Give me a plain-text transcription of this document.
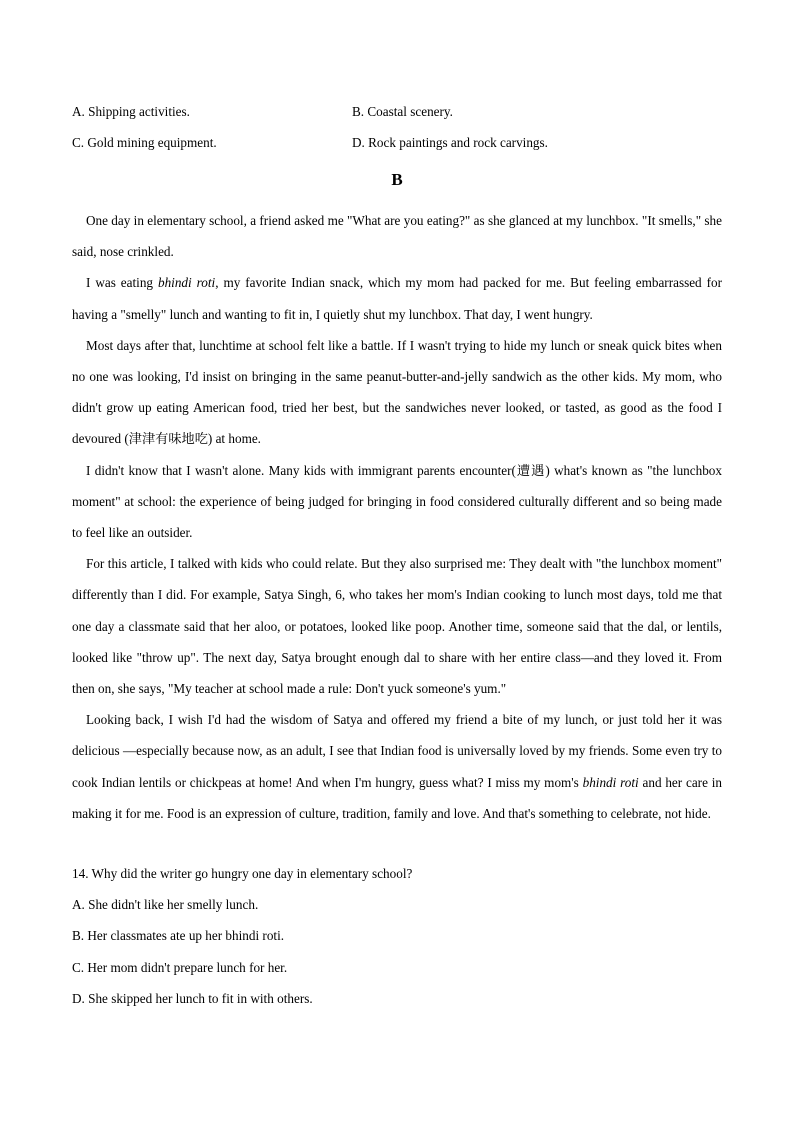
A. Shipping activities.	B. Coastal scenery.
C. Gold mining equipment.	D. Rock paintings and rock carvings.
B

One day in elementary school, a friend asked me "What are you eating?" as she glanced at my lunchbox. "It smells," she said, nose crinkled.

I was eating bhindi roti, my favorite Indian snack, which my mom had packed for me. But feeling embarrassed for having a "smelly" lunch and wanting to fit in, I quietly shut my lunchbox. That day, I went hungry.

Most days after that, lunchtime at school felt like a battle. If I wasn't trying to hide my lunch or sneak quick bites when no one was looking, I'd insist on bringing in the same peanut-butter-and-jelly sandwich as the other kids. My mom, who didn't grow up eating American food, tried her best, but the sandwiches never looked, or tasted, as good as the food I devoured (津津有味地吃) at home.

I didn't know that I wasn't alone. Many kids with immigrant parents encounter(遭遇) what's known as "the lunchbox moment" at school: the experience of being judged for bringing in food considered culturally different and so being made to feel like an outsider.

For this article, I talked with kids who could relate. But they also surprised me: They dealt with "the lunchbox moment" differently than I did. For example, Satya Singh, 6, who takes her mom's Indian cooking to lunch most days, told me that one day a classmate said that her aloo, or potatoes, looked like poop. Another time, someone said that the dal, or lentils, looked like "throw up". The next day, Satya brought enough dal to share with her entire class—and they loved it. From then on, she says, "My teacher at school made a rule: Don't yuck someone's yum."

Looking back, I wish I'd had the wisdom of Satya and offered my friend a bite of my lunch, or just told her it was delicious —especially because now, as an adult, I see that Indian food is universally loved by my friends. Some even try to cook Indian lentils or chickpeas at home! And when I'm hungry, guess what? I miss my mom's bhindi roti and her care in making it for me. Food is an expression of culture, tradition, family and love. And that's something to celebrate, not hide.

14. Why did the writer go hungry one day in elementary school?
A. She didn't like her smelly lunch.
B. Her classmates ate up her bhindi roti.
C. Her mom didn't prepare lunch for her.
D. She skipped her lunch to fit in with others.
